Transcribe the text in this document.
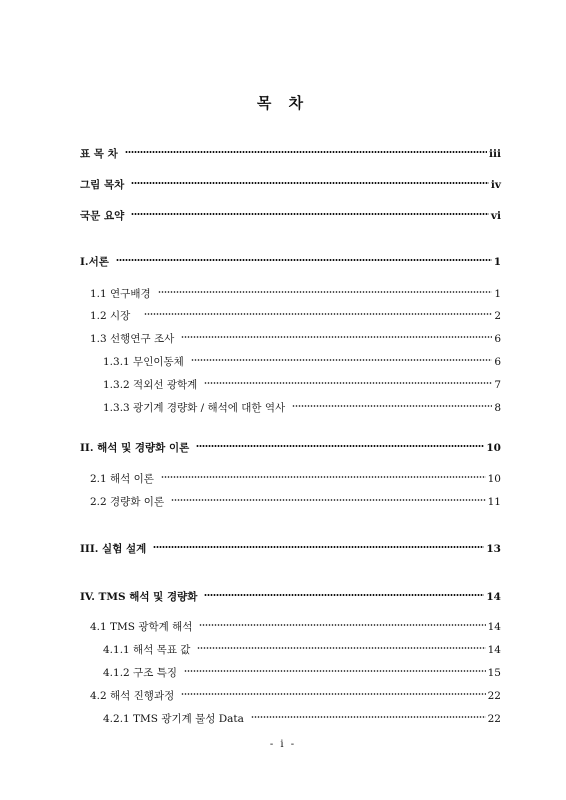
목 차
표 목 차	iii
그림 목차	iv
국문 요약	vi
I.서론	1
1.1 연구배경	1
1.2 시장	2
1.3 선행연구 조사	6
1.3.1 무인이동체	6
1.3.2 적외선 광학계	7
1.3.3 광기계 경량화 / 해석에 대한 역사	8
II. 해석 및 경량화 이론	10
2.1 해석 이론	10
2.2 경량화 이론	11
III. 실험 설계	13
IV. TMS 해석 및 경량화	14
4.1 TMS 광학계 해석	14
4.1.1 해석 목표 값	14
4.1.2 구조 특징	15
4.2 해석 진행과정	22
4.2.1 TMS 광기계 물성 Data	22
- i -
